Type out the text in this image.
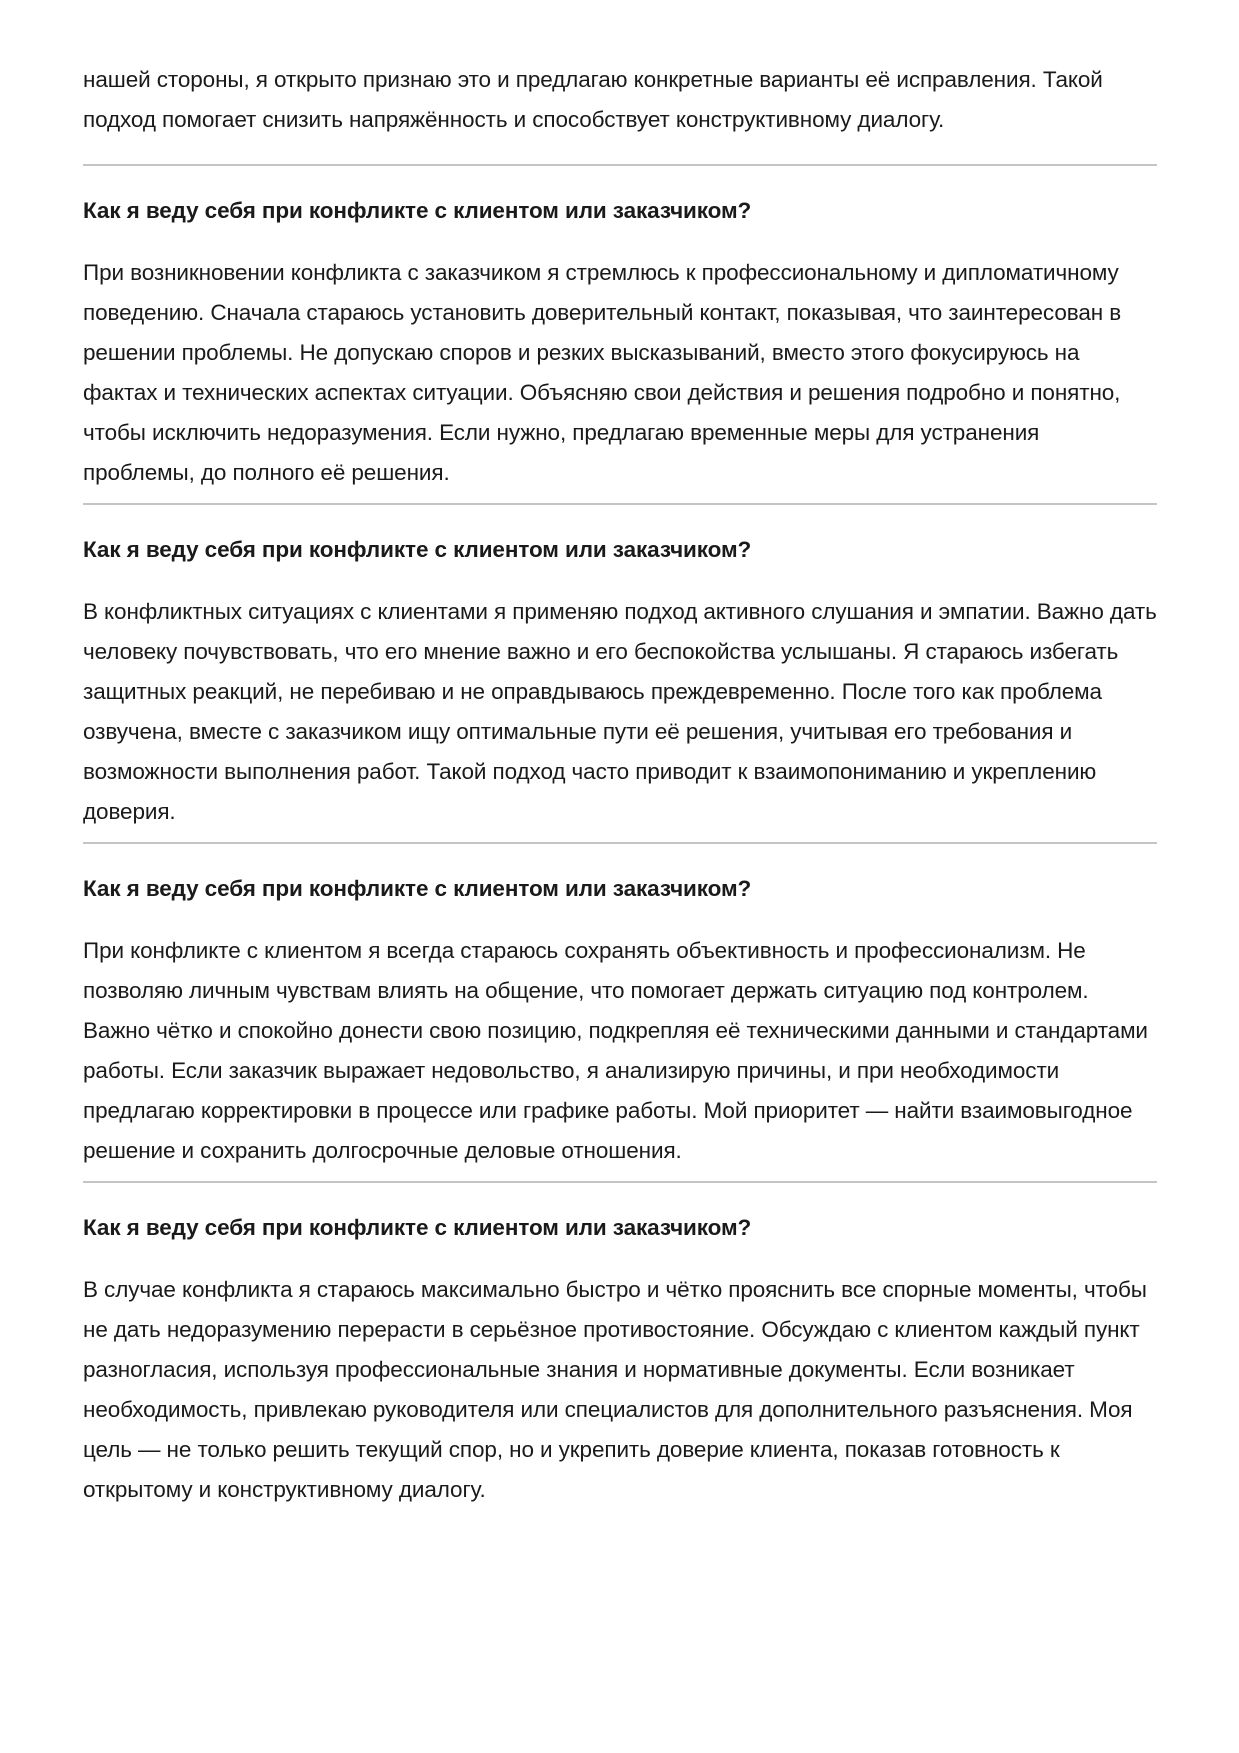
нашей стороны, я открыто признаю это и предлагаю конкретные варианты её исправления. Такой подход помогает снизить напряжённость и способствует конструктивному диалогу.

Как я веду себя при конфликте с клиентом или заказчиком?

При возникновении конфликта с заказчиком я стремлюсь к профессиональному и дипломатичному поведению. Сначала стараюсь установить доверительный контакт, показывая, что заинтересован в решении проблемы. Не допускаю споров и резких высказываний, вместо этого фокусируюсь на фактах и технических аспектах ситуации. Объясняю свои действия и решения подробно и понятно, чтобы исключить недоразумения. Если нужно, предлагаю временные меры для устранения проблемы, до полного её решения.

Как я веду себя при конфликте с клиентом или заказчиком?

В конфликтных ситуациях с клиентами я применяю подход активного слушания и эмпатии. Важно дать человеку почувствовать, что его мнение важно и его беспокойства услышаны. Я стараюсь избегать защитных реакций, не перебиваю и не оправдываюсь преждевременно. После того как проблема озвучена, вместе с заказчиком ищу оптимальные пути её решения, учитывая его требования и возможности выполнения работ. Такой подход часто приводит к взаимопониманию и укреплению доверия.

Как я веду себя при конфликте с клиентом или заказчиком?

При конфликте с клиентом я всегда стараюсь сохранять объективность и профессионализм. Не позволяю личным чувствам влиять на общение, что помогает держать ситуацию под контролем. Важно чётко и спокойно донести свою позицию, подкрепляя её техническими данными и стандартами работы. Если заказчик выражает недовольство, я анализирую причины, и при необходимости предлагаю корректировки в процессе или графике работы. Мой приоритет — найти взаимовыгодное решение и сохранить долгосрочные деловые отношения.

Как я веду себя при конфликте с клиентом или заказчиком?

В случае конфликта я стараюсь максимально быстро и чётко прояснить все спорные моменты, чтобы не дать недоразумению перерасти в серьёзное противостояние. Обсуждаю с клиентом каждый пункт разногласия, используя профессиональные знания и нормативные документы. Если возникает необходимость, привлекаю руководителя или специалистов для дополнительного разъяснения. Моя цель — не только решить текущий спор, но и укрепить доверие клиента, показав готовность к открытому и конструктивному диалогу.
